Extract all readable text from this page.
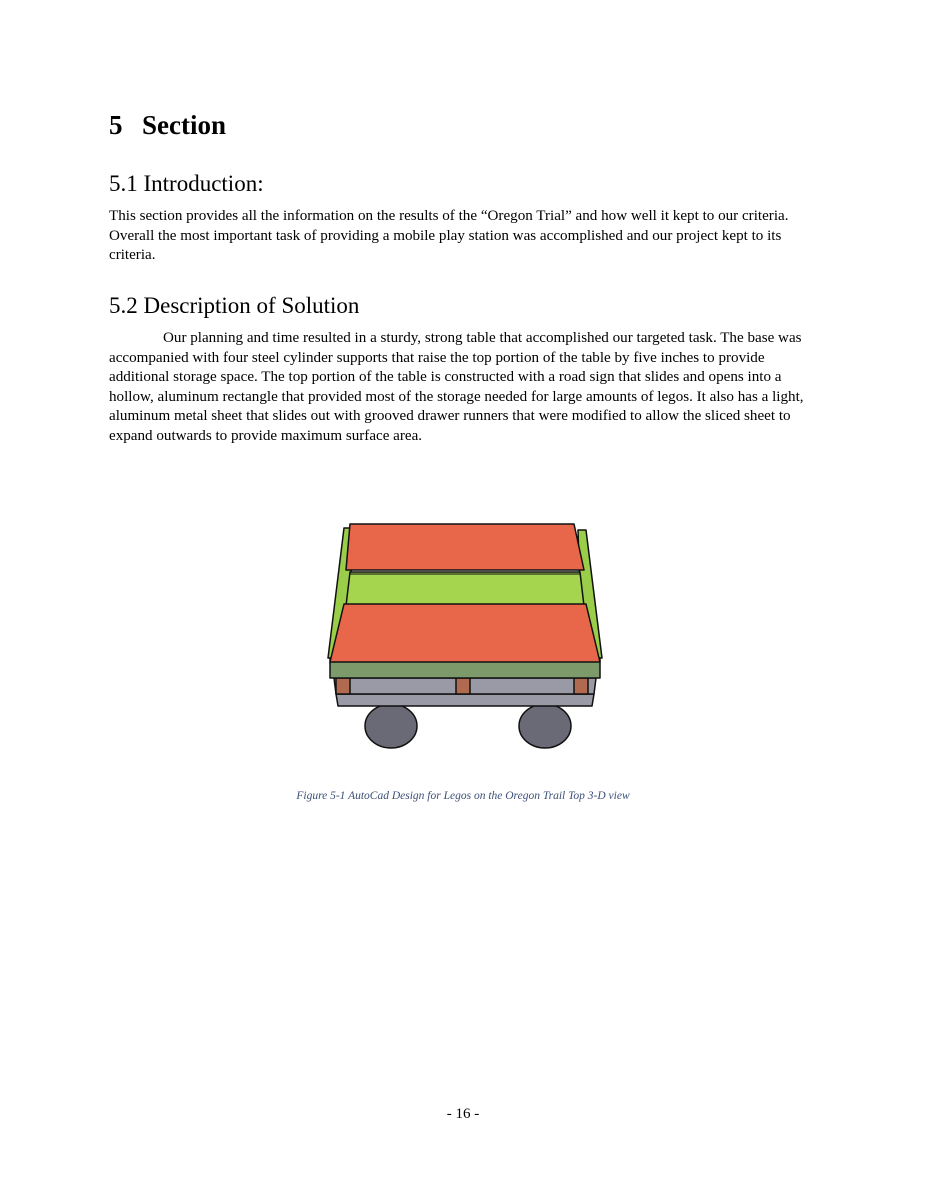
5 Section
5.1 Introduction:

This section provides all the information on the results of the “Oregon Trial” and how well it kept to our criteria. Overall the most important task of providing a mobile play station was accomplished and our project kept to its criteria.

5.2 Description of Solution

Our planning and time resulted in a sturdy, strong table that accomplished our targeted task. The base was accompanied with four steel cylinder supports that raise the top portion of the table by five inches to provide additional storage space. The top portion of the table is constructed with a road sign that slides and opens into a hollow, aluminum rectangle that provided most of the storage needed for large amounts of legos. It also has a light, aluminum metal sheet that slides out with grooved drawer runners that were modified to allow the sliced sheet to expand outwards to provide maximum surface area.

Figure 5-1 AutoCad Design for Legos on the Oregon Trail Top 3-D view

- 16 -
